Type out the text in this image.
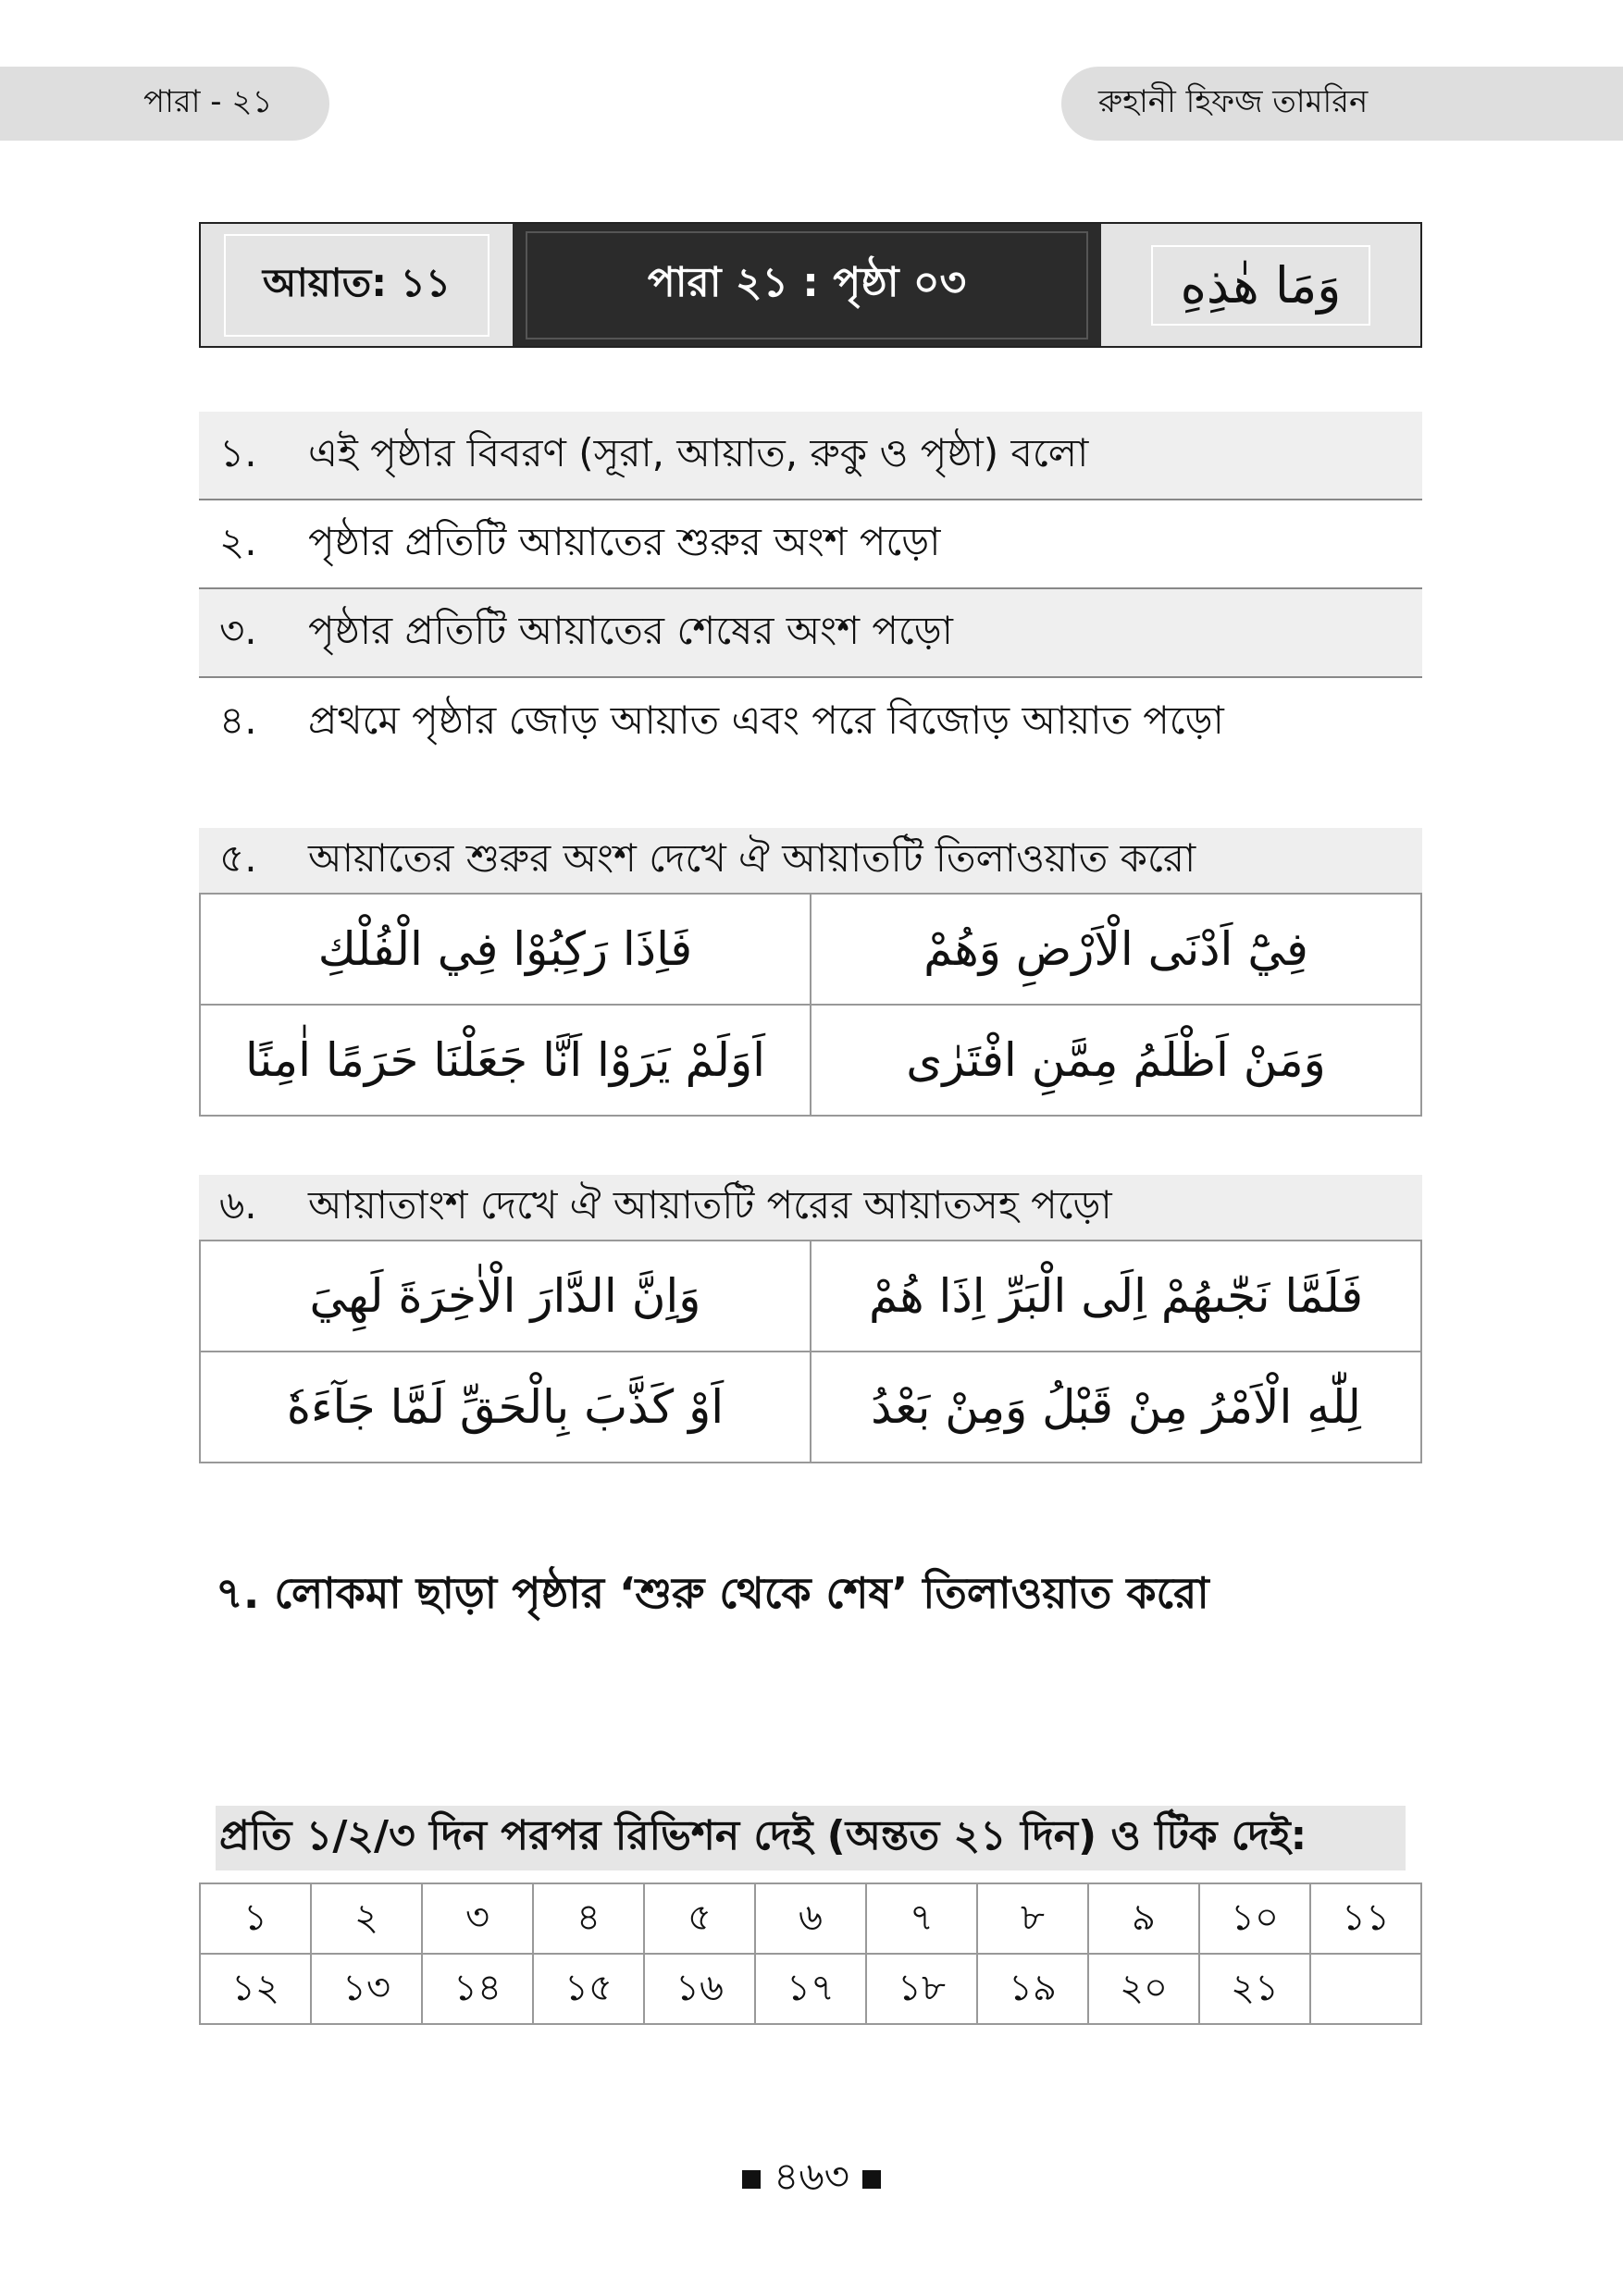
পারা - ২১	রুহানী হিফজ তামরিন
আয়াত: ১১	পারা ২১ : পৃষ্ঠা ০৩	وَمَا هٰذِهِ
১.	এই পৃষ্ঠার বিবরণ (সূরা, আয়াত, রুকু ও পৃষ্ঠা) বলো
২.	পৃষ্ঠার প্রতিটি আয়াতের শুরুর অংশ পড়ো
৩.	পৃষ্ঠার প্রতিটি আয়াতের শেষের অংশ পড়ো
৪.	প্রথমে পৃষ্ঠার জোড় আয়াত এবং পরে বিজোড় আয়াত পড়ো
৫.	আয়াতের শুরুর অংশ দেখে ঐ আয়াতটি তিলাওয়াত করো
فَاِذَا رَكِبُوْا فِي الْفُلْكِ	فِيْٓ اَدْنَى الْاَرْضِ وَهُمْ
اَوَلَمْ يَرَوْا اَنَّا جَعَلْنَا حَرَمًا اٰمِنًا	وَمَنْ اَظْلَمُ مِمَّنِ افْتَرٰى
৬.	আয়াতাংশ দেখে ঐ আয়াতটি পরের আয়াতসহ পড়ো
وَاِنَّ الدَّارَ الْاٰخِرَةَ لَهِيَ	فَلَمَّا نَجّٰىهُمْ اِلَى الْبَرِّ اِذَا هُمْ
اَوْ كَذَّبَ بِالْحَقِّ لَمَّا جَآءَهٗ	لِلّٰهِ الْاَمْرُ مِنْ قَبْلُ وَمِنْ بَعْدُ
৭. লোকমা ছাড়া পৃষ্ঠার ‘শুরু থেকে শেষ’ তিলাওয়াত করো
প্রতি ১/২/৩ দিন পরপর রিভিশন দেই (অন্তত ২১ দিন) ও টিক দেই:
১	২	৩	৪	৫	৬	৭	৮	৯	১০	১১
১২	১৩	১৪	১৫	১৬	১৭	১৮	১৯	২০	২১	
৪৬৩
